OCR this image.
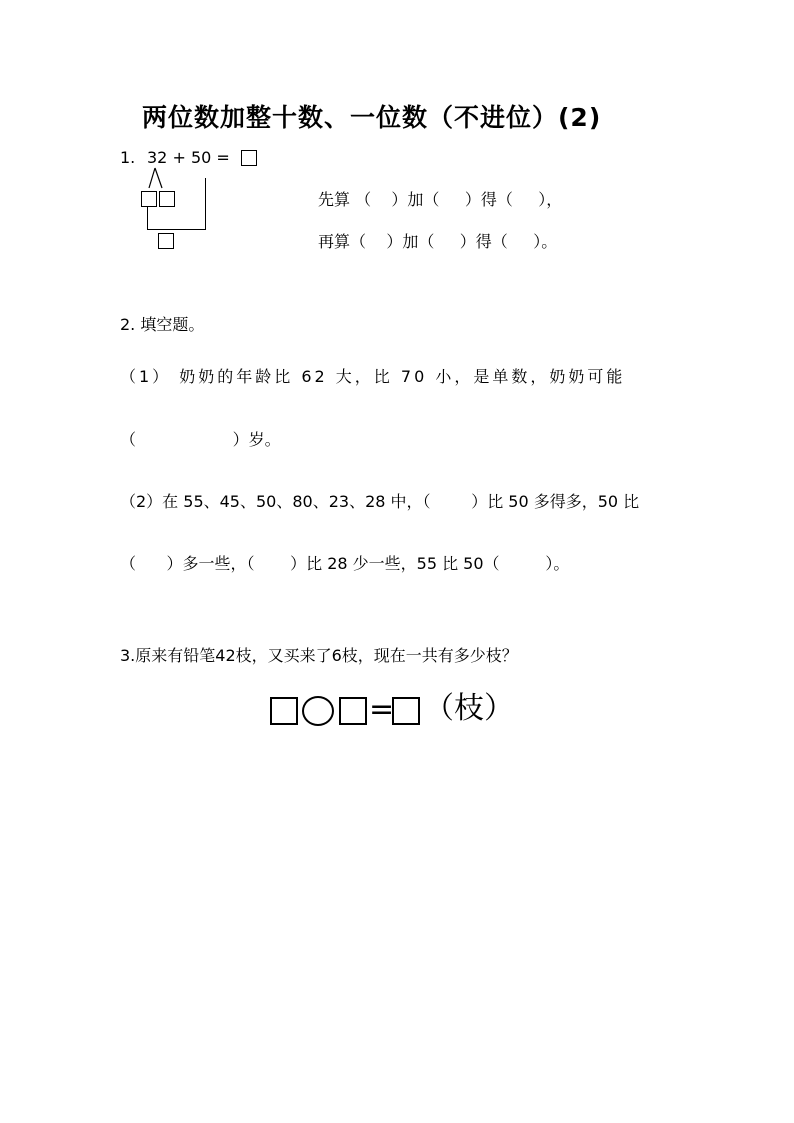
两位数加整十数、一位数（不进位）(2)
1. 32 + 50 =
先算 （    ）加（     ）得（     ），
再算（    ）加（     ）得（     ）。
2. 填空题。
（1） 奶奶的年龄比 62 大，比 70 小，是单数，奶奶可能
（                   ）岁。
（2）在 55、45、50、80、23、28 中，（        ）比 50 多得多，50 比
（      ）多一些，（       ）比 28 少一些，55 比 50（         ）。
3.原来有铅笔42枝，又买来了6枝，现在一共有多少枝？
= （枝）
